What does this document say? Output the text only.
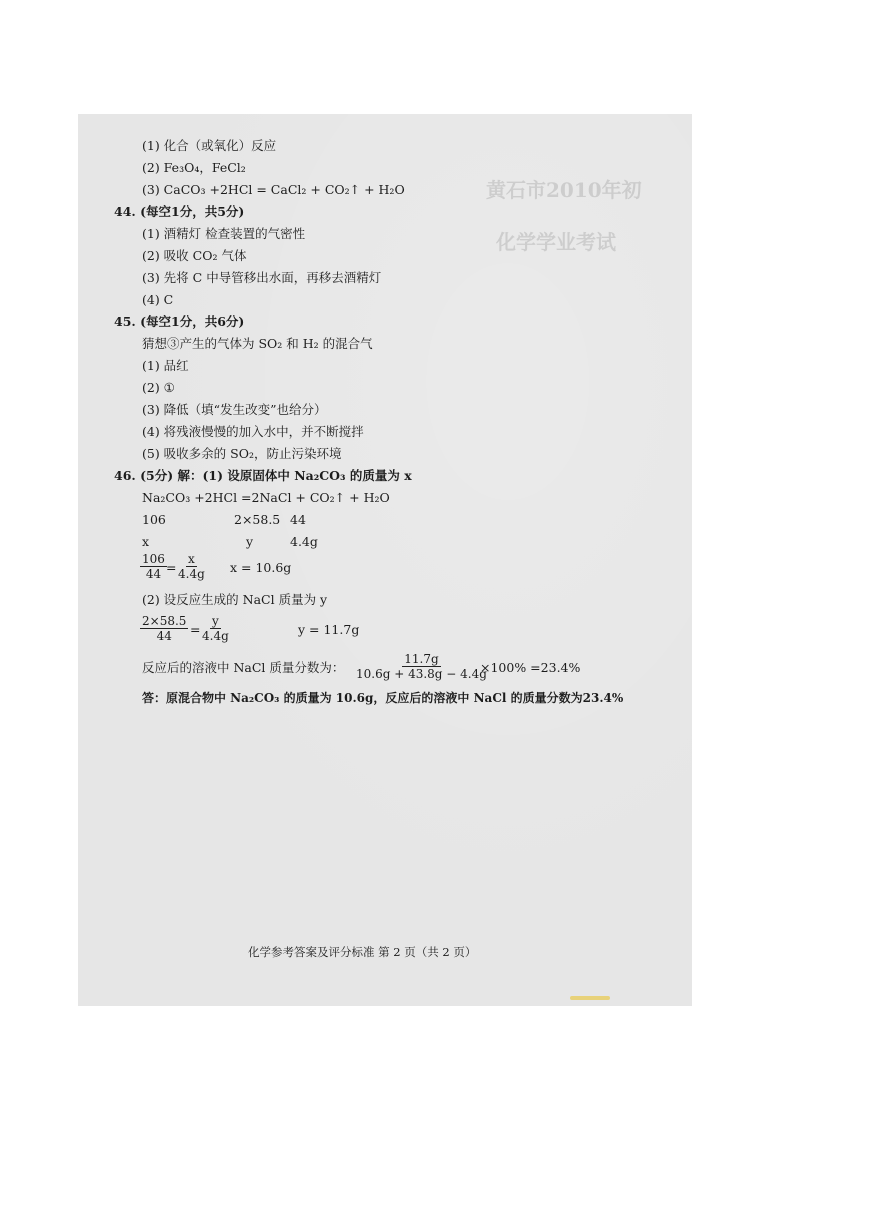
黄石市2010年初
化学学业考试
(1) 化合（或氧化）反应
(2) Fe₃O₄，FeCl₂
(3) CaCO₃ +2HCl = CaCl₂ + CO₂↑ + H₂O
44. (每空1分，共5分)
(1) 酒精灯 检查装置的气密性
(2) 吸收 CO₂ 气体
(3) 先将 C 中导管移出水面，再移去酒精灯
(4) C
45. (每空1分，共6分)
猜想③产生的气体为 SO₂ 和 H₂ 的混合气
(1) 品红
(2) ①
(3) 降低（填“发生改变”也给分）
(4) 将残液慢慢的加入水中，并不断搅拌
(5) 吸收多余的 SO₂，防止污染环境
46. (5分) 解：(1) 设原固体中 Na₂CO₃ 的质量为 x
Na₂CO₃ +2HCl =2NaCl + CO₂↑ + H₂O
106	2×58.5 44
x	y	4.4g
$\frac{106}{44} = \frac{x}{4.4g}$ x = 10.6g
(2) 设反应生成的 NaCl 质量为 y
$\frac{2\times 58.5}{44} = \frac{y}{4.4g}$	y = 11.7g
反应后的溶液中 NaCl 质量分数为： $\frac{11.7g}{10.6g + 43.8g - 4.4g}$
×100% =23.4%
答：原混合物中 Na₂CO₃ 的质量为 10.6g，反应后的溶液中 NaCl 的质量分数为23.4%
化学参考答案及评分标准 第 2 页（共 2 页）
